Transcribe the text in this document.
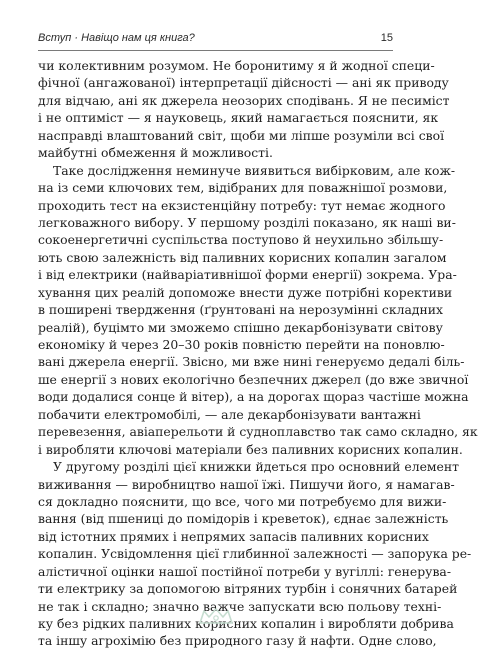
Вступ · Навіщо нам ця книга?	15
чи колективним розумом. Не боронитиму я й жодної специ-
фічної (ангажованої) інтерпретації дійсності — ані як приводу
для відчаю, ані як джерела неозорих сподівань. Я не песиміст
і не оптиміст — я науковець, який намагається пояснити, як
насправді влаштований світ, щоби ми ліпше розуміли всі свої
майбутні обмеження й можливості.
Таке дослідження неминуче виявиться вибірковим, але кож-
на із семи ключових тем, відібраних для поважнішої розмови,
проходить тест на екзистенційну потребу: тут немає жодного
легковажного вибору. У першому розділі показано, як наші ви-
сокоенергетичні суспільства поступово й неухильно збільшу-
ють свою залежність від паливних корисних копалин загалом
і від електрики (найваріативнішої форми енергії) зокрема. Ура-
хування цих реалій допоможе внести дуже потрібні корективи
в поширені твердження (ґрунтовані на нерозумінні складних
реалій), буцімто ми зможемо спішно декарбонізувати світову
економіку й через 20–30 років повністю перейти на поновлю-
вані джерела енергії. Звісно, ми вже нині генеруємо дедалі біль-
ше енергії з нових екологічно безпечних джерел (до вже звичної
води додалися сонце й вітер), а на дорогах щораз частіше можна
побачити електромобілі, — але декарбонізувати вантажні
перевезення, авіаперельоти й судноплавство так само складно, як
і виробляти ключові матеріали без паливних корисних копалин.
У другому розділі цієї книжки йдеться про основний елемент
виживання — виробництво нашої їжі. Пишучи його, я намагав-
ся докладно пояснити, що все, чого ми потребуємо для вижи-
вання (від пшениці до помідорів і креветок), єднає залежність
від істотних прямих і непрямих запасів паливних корисних
копалин. Усвідомлення цієї глибинної залежності — запорука ре-
алістичної оцінки нашої постійної потреби у вугіллі: генерува-
ти електрику за допомогою вітряних турбін і сонячних батарей
не так і складно; значно важче запускати всю польову техні-
ку без рідких паливних корисних копалин і виробляти добрива
та іншу агрохімію без природного газу й нафти. Одне слово,
